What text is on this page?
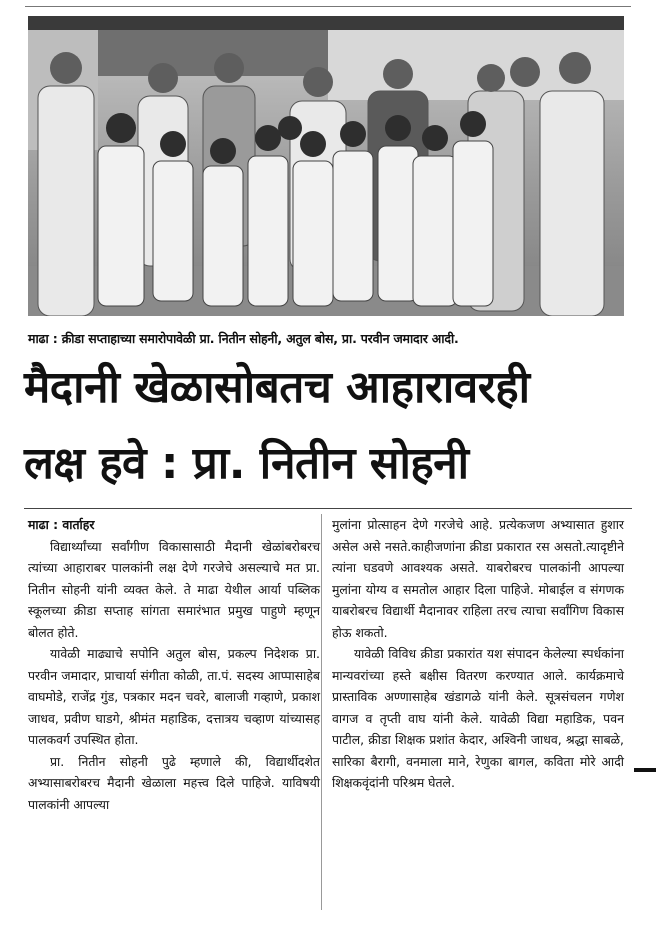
माढा : क्रीडा सप्ताहाच्या समारोपावेळी प्रा. नितीन सोहनी, अतुल बोस, प्रा. परवीन जमादार आदी.
मैदानी खेळासोबतच आहारावरही
लक्ष हवे : प्रा. नितीन सोहनी
माढा : वार्ताहर

विद्यार्थ्यांच्या सर्वांगीण विकासासाठी मैदानी खेळांबरोबरच त्यांच्या आहाराबर पालकांनी लक्ष देणे गरजेचे असल्याचे मत प्रा. नितीन सोहनी यांनी व्यक्त केले. ते माढा येथील आर्या पब्लिक स्कूलच्या क्रीडा सप्ताह सांगता समारंभात प्रमुख पाहुणे म्हणून बोलत होते.

यावेळी माढ्याचे सपोनि अतुल बोस, प्रकल्प निदेशक प्रा. परवीन जमादार, प्राचार्या संगीता कोळी, ता.पं. सदस्य आप्पासाहेब वाघमोडे, राजेंद्र गुंड, पत्रकार मदन चवरे, बालाजी गव्हाणे, प्रकाश जाधव, प्रवीण घाडगे, श्रीमंत महाडिक, दत्तात्रय चव्हाण यांच्यासह पालकवर्ग उपस्थित होता.

प्रा. नितीन सोहनी पुढे म्हणाले की, विद्यार्थीदशेत अभ्यासाबरोबरच मैदानी खेळाला महत्त्व दिले पाहिजे. याविषयी पालकांनी आपल्या

मुलांना प्रोत्साहन देणे गरजेचे आहे. प्रत्येकजण अभ्यासात हुशार असेल असे नसते.काहीजणांना क्रीडा प्रकारात रस असतो.त्यादृष्टीने त्यांना घडवणे आवश्यक असते. याबरोबरच पालकांनी आपल्या मुलांना योग्य व समतोल आहार दिला पाहिजे. मोबाईल व संगणक याबरोबरच विद्यार्थी मैदानावर राहिला तरच त्याचा सर्वांगिण विकास होऊ शकतो.

यावेळी विविध क्रीडा प्रकारांत यश संपादन केलेल्या स्पर्धकांना मान्यवरांच्या हस्ते बक्षीस वितरण करण्यात आले. कार्यक्रमाचे प्रास्ताविक अण्णासाहेब खंडागळे यांनी केले. सूत्रसंचलन गणेश वागज व तृप्ती वाघ यांनी केले. यावेळी विद्या महाडिक, पवन पाटील, क्रीडा शिक्षक प्रशांत केदार, अश्विनी जाधव, श्रद्धा साबळे, सारिका बैरागी, वनमाला माने, रेणुका बागल, कविता मोरे आदी शिक्षकवृंदांनी परिश्रम घेतले.
